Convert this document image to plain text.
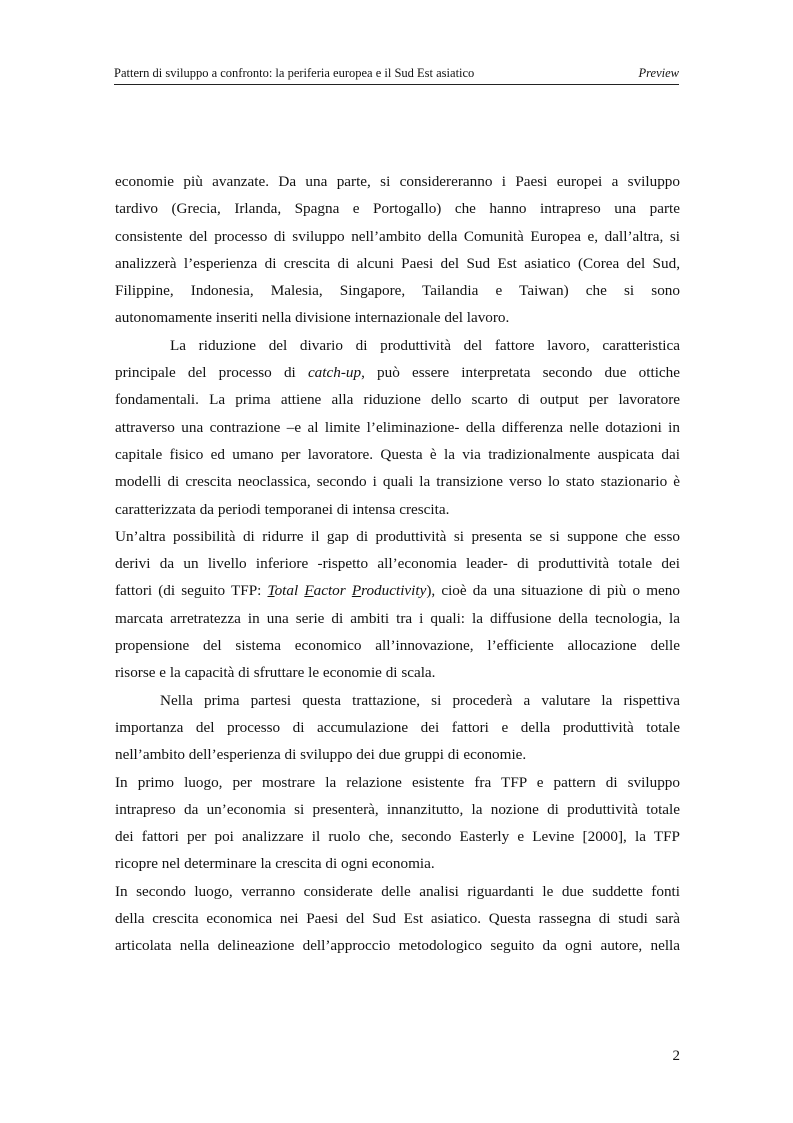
Pattern di sviluppo a confronto: la periferia europea e il Sud Est asiatico	Preview
economie più avanzate. Da una parte, si considereranno i Paesi europei a sviluppo
tardivo (Grecia, Irlanda, Spagna e Portogallo) che hanno intrapreso una parte
consistente del processo di sviluppo nell’ambito della Comunità Europea e, dall’altra, si
analizzerà l’esperienza di crescita di alcuni Paesi del Sud Est asiatico (Corea del Sud,
Filippine, Indonesia, Malesia, Singapore, Tailandia e Taiwan) che si sono
autonomamente inseriti nella divisione internazionale del lavoro.
La riduzione del divario di produttività del fattore lavoro, caratteristica
principale del processo di catch-up, può essere interpretata secondo due ottiche
fondamentali. La prima attiene alla riduzione dello scarto di output per lavoratore
attraverso una contrazione –e al limite l’eliminazione- della differenza nelle dotazioni in
capitale fisico ed umano per lavoratore. Questa è la via tradizionalmente auspicata dai
modelli di crescita neoclassica, secondo i quali la transizione verso lo stato stazionario è
caratterizzata da periodi temporanei di intensa crescita.
Un’altra possibilità di ridurre il gap di produttività si presenta se si suppone che esso
derivi da un livello inferiore -rispetto all’economia leader- di produttività totale dei
fattori (di seguito TFP: Total Factor Productivity), cioè da una situazione di più o meno
marcata arretratezza in una serie di ambiti tra i quali: la diffusione della tecnologia, la
propensione del sistema economico all’innovazione, l’efficiente allocazione delle
risorse e la capacità di sfruttare le economie di scala.
Nella prima partesi questa trattazione, si procederà a valutare la rispettiva
importanza del processo di accumulazione dei fattori e della produttività totale
nell’ambito dell’esperienza di sviluppo dei due gruppi di economie.
In primo luogo, per mostrare la relazione esistente fra TFP e pattern di sviluppo
intrapreso da un’economia si presenterà, innanzitutto, la nozione di produttività totale
dei fattori per poi analizzare il ruolo che, secondo Easterly e Levine [2000], la TFP
ricopre nel determinare la crescita di ogni economia.
In secondo luogo, verranno considerate delle analisi riguardanti le due suddette fonti
della crescita economica nei Paesi del Sud Est asiatico. Questa rassegna di studi sarà
articolata nella delineazione dell’approccio metodologico seguito da ogni autore, nella
2
